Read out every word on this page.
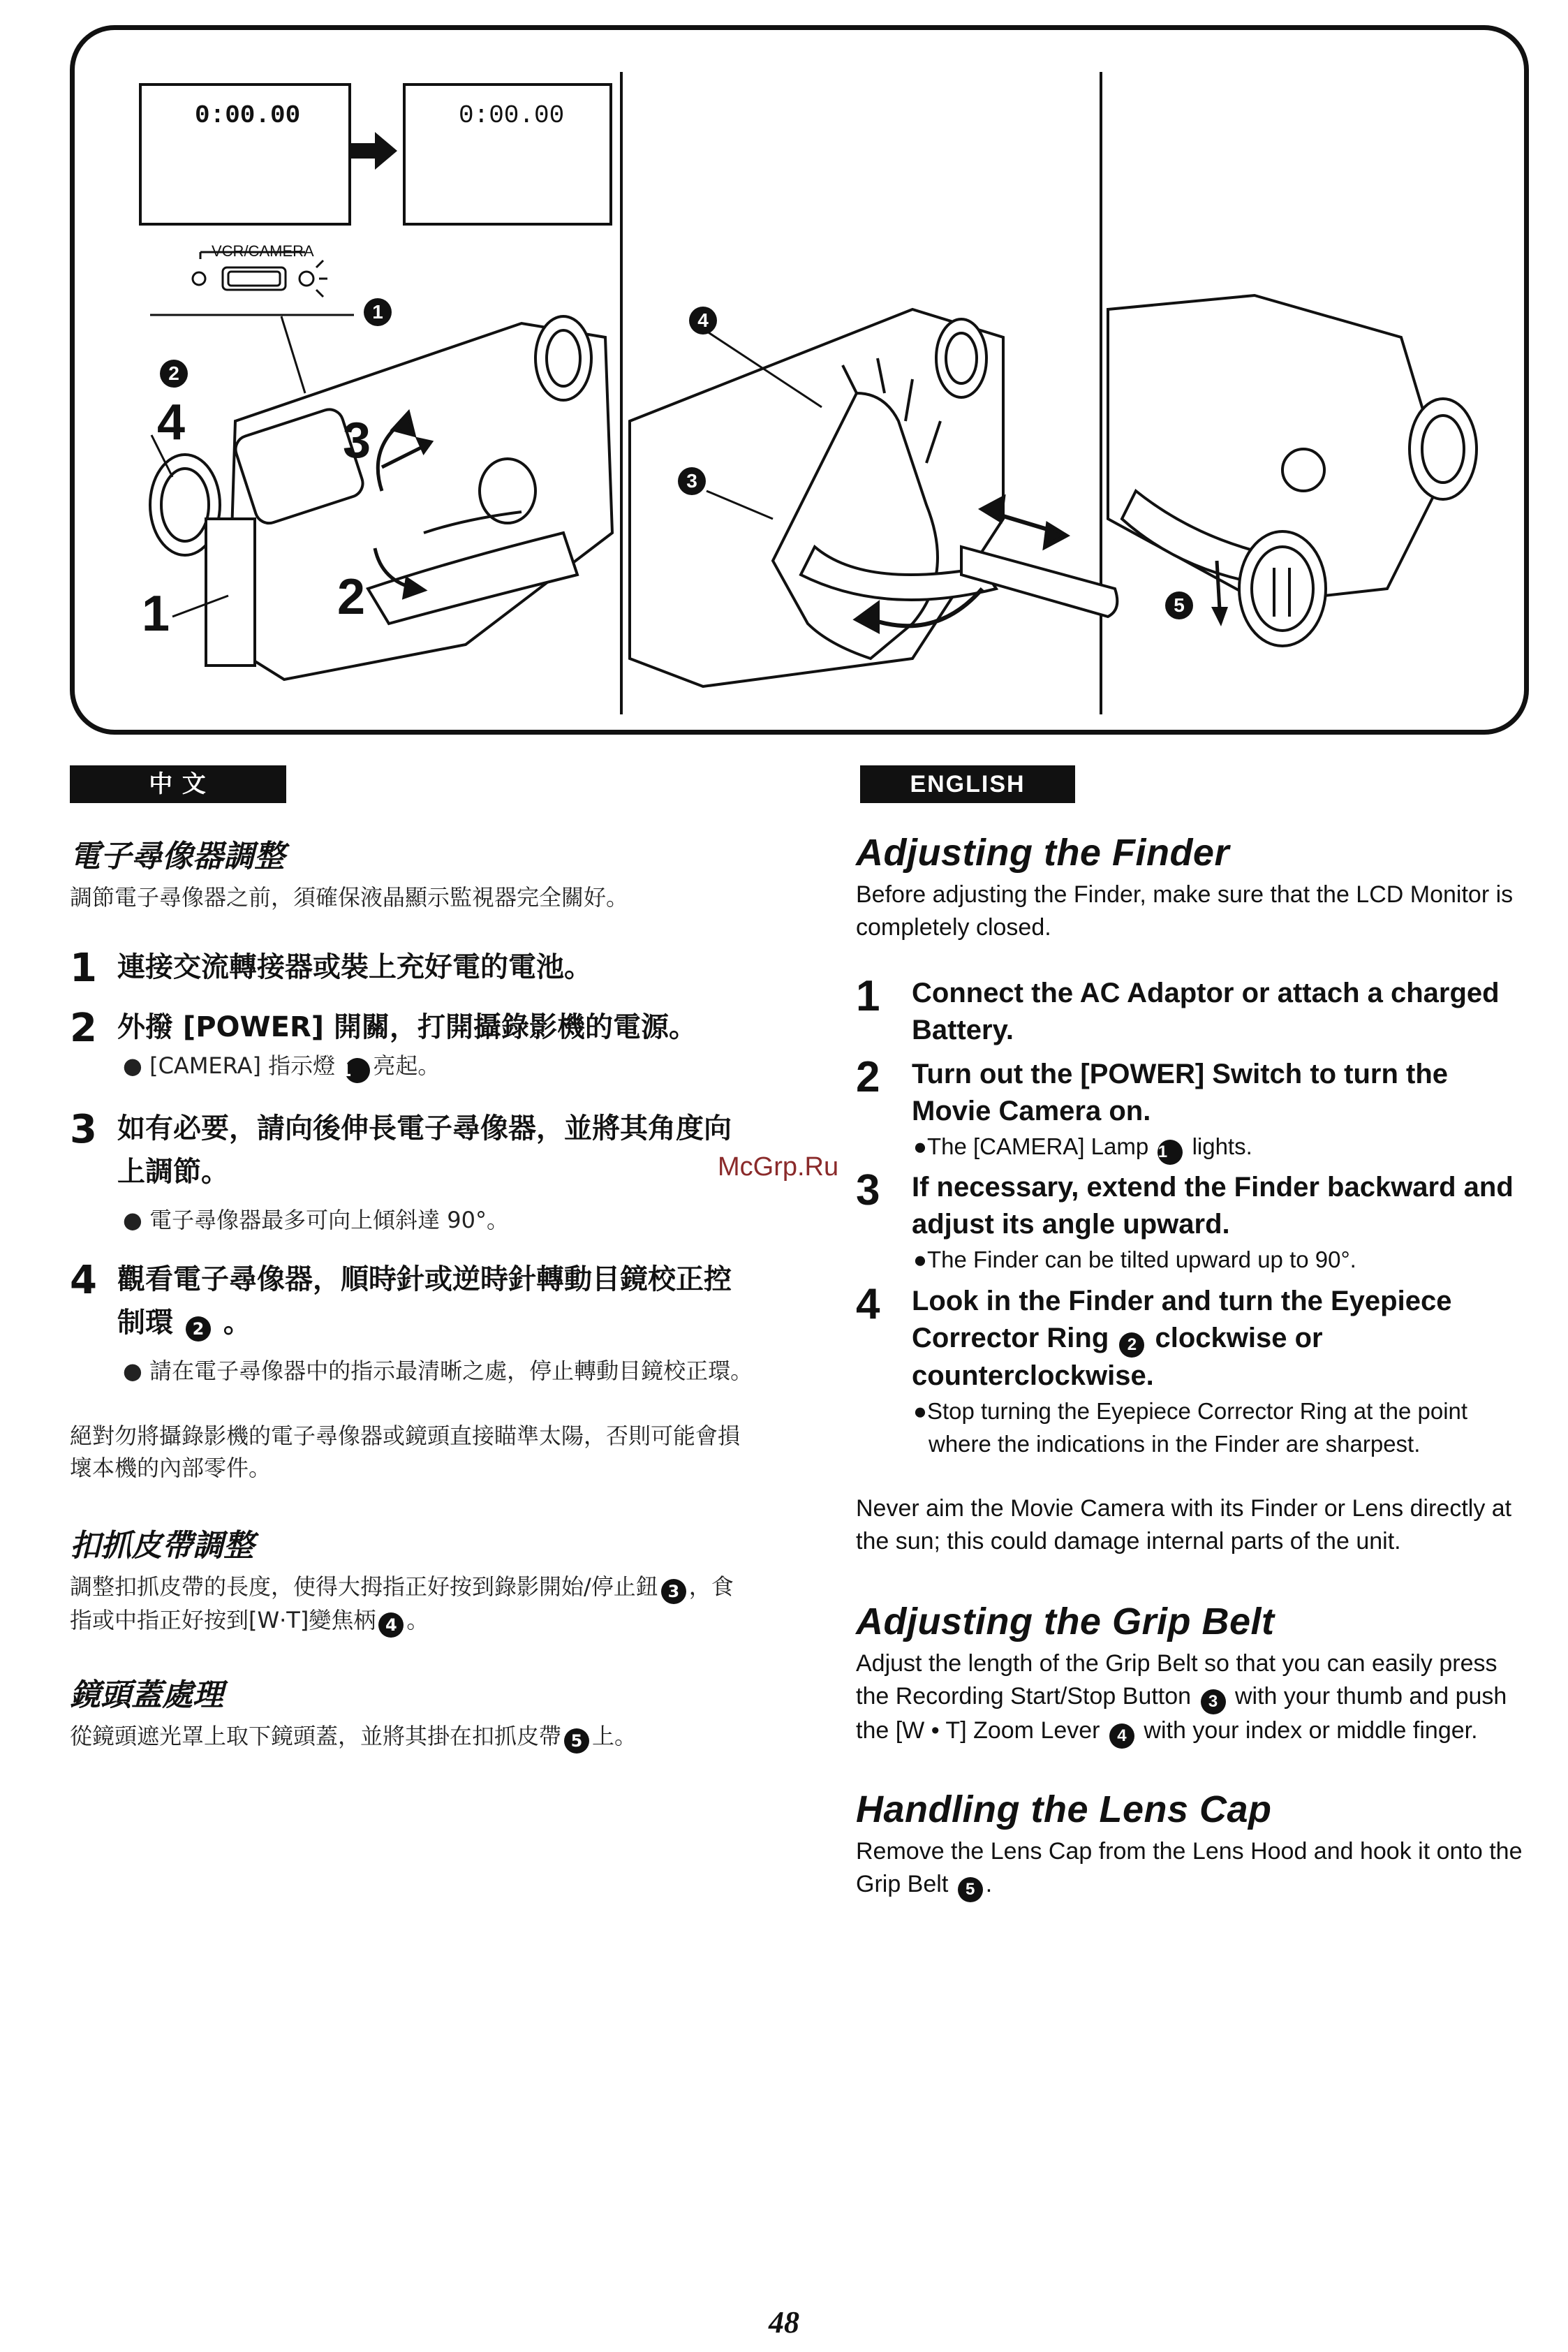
0:00.00	0:00.00
VCR/CAMERA
1
2
4
3
5
4	3
2
1
中 文	ENGLISH
電子尋像器調整

調節電子尋像器之前，須確保液晶顯示監視器完全關好。

1 連接交流轉接器或裝上充好電的電池。
2 外撥 [POWER] 開關，打開攝錄影機的電源。
● [CAMERA] 指示燈 1 亮起。
3 如有必要，請向後伸長電子尋像器，並將其角度向上調節。
● 電子尋像器最多可向上傾斜達 90°。
4 觀看電子尋像器，順時針或逆時針轉動目鏡校正控制環 2 。
● 請在電子尋像器中的指示最清晰之處，停止轉動目鏡校正環。

絕對勿將攝錄影機的電子尋像器或鏡頭直接瞄準太陽，否則可能會損壞本機的內部零件。

扣抓皮帶調整

調整扣抓皮帶的長度，使得大拇指正好按到錄影開始/停止鈕 3 ，食指或中指正好按到[W·T]變焦柄 4 。

鏡頭蓋處理

從鏡頭遮光罩上取下鏡頭蓋，並將其掛在扣抓皮帶 5 上。

Adjusting the Finder

Before adjusting the Finder, make sure that the LCD Monitor is completely closed.

1 Connect the AC Adaptor or attach a charged Battery.
2 Turn out the [POWER] Switch to turn the Movie Camera on.
●The [CAMERA] Lamp 1 lights.
3 If necessary, extend the Finder backward and adjust its angle upward.
●The Finder can be tilted upward up to 90°.
4 Look in the Finder and turn the Eyepiece Corrector Ring 2 clockwise or counterclockwise.
●Stop turning the Eyepiece Corrector Ring at the point where the indications in the Finder are sharpest.

Never aim the Movie Camera with its Finder or Lens directly at the sun; this could damage internal parts of the unit.

Adjusting the Grip Belt

Adjust the length of the Grip Belt so that you can easily press the Recording Start/Stop Button 3 with your thumb and push the [W • T] Zoom Lever 4 with your index or middle finger.

Handling the Lens Cap

Remove the Lens Cap from the Lens Hood and hook it onto the Grip Belt 5 .

McGrp.Ru
48
